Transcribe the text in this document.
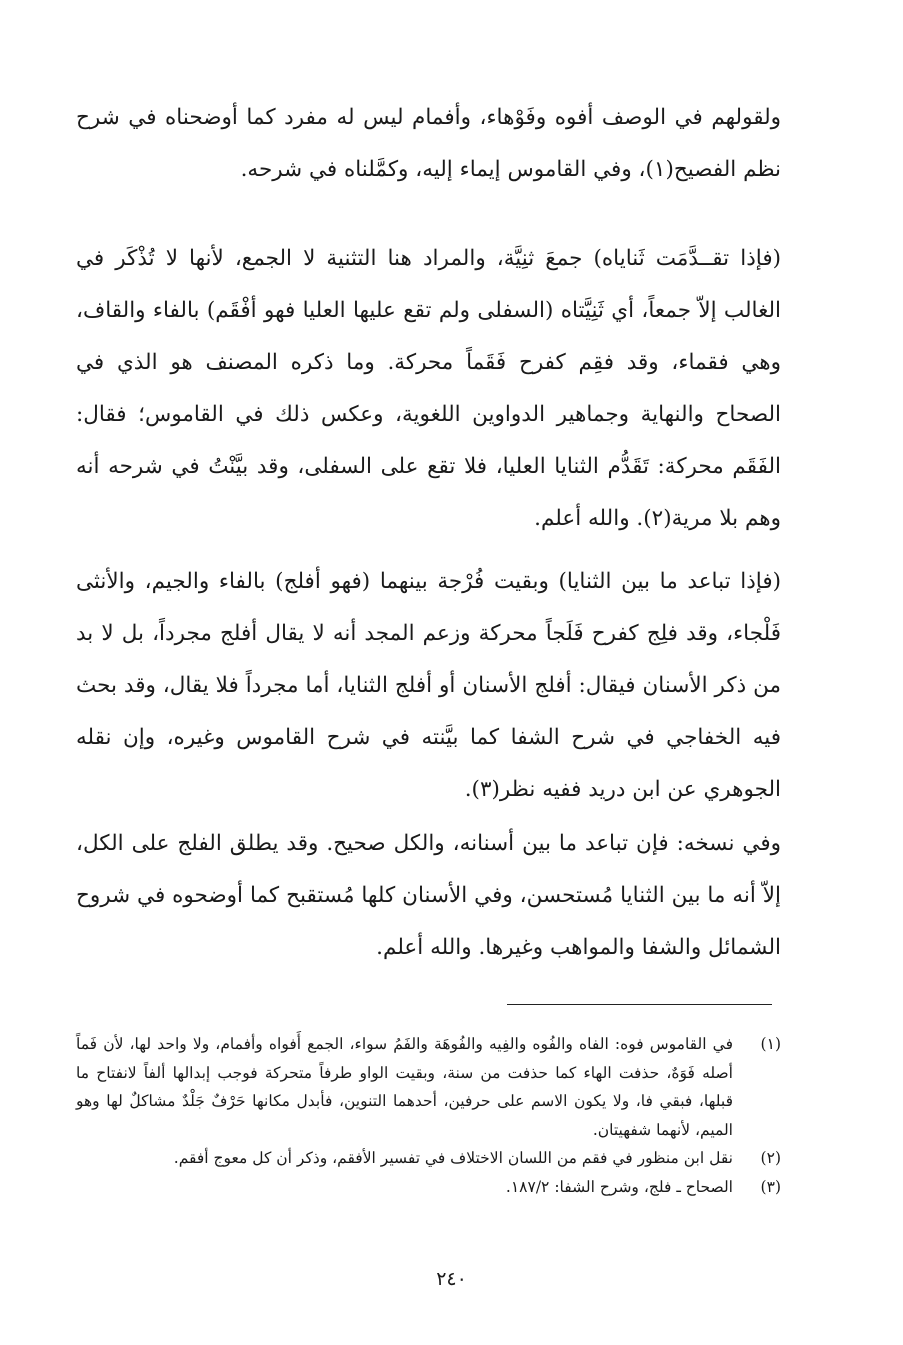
ولقولهم في الوصف أفوه وفَوْهاء، وأفمام ليس له مفرد كما أوضحناه في شرح نظم الفصيح(١)، وفي القاموس إيماء إليه، وكمَّلناه في شرحه.

(فإذا تقــدَّمَت ثَناياه) جمعَ ثنِيَّة، والمراد هنا التثنية لا الجمع، لأنها لا تُذْكَر في الغالب إلاّ جمعاً، أي ثَنِيَّتاه (السفلى ولم تقع عليها العليا فهو أفْقَم) بالفاء والقاف، وهي فقماء، وقد فقِم كفرح فَقَماً محركة. وما ذكره المصنف هو الذي في الصحاح والنهاية وجماهير الدواوين اللغوية، وعكس ذلك في القاموس؛ فقال: الفَقَم محركة: تَقَدُّم الثنايا العليا، فلا تقع على السفلى، وقد بيَّنْتُ في شرحه أنه وهم بلا مرية(٢). والله أعلم.

(فإذا تباعد ما بين الثنايا) وبقيت فُرْجة بينهما (فهو أفلج) بالفاء والجيم، والأنثى فَلْجاء، وقد فلِج كفرح فَلَجاً محركة وزعم المجد أنه لا يقال أفلج مجرداً، بل لا بد من ذكر الأسنان فيقال: أفلج الأسنان أو أفلج الثنايا، أما مجرداً فلا يقال، وقد بحث فيه الخفاجي في شرح الشفا كما بيَّنته في شرح القاموس وغيره، وإن نقله الجوهري عن ابن دريد ففيه نظر(٣).

وفي نسخه: فإن تباعد ما بين أسنانه، والكل صحيح. وقد يطلق الفلج على الكل، إلاّ أنه ما بين الثنايا مُستحسن، وفي الأسنان كلها مُستقبح كما أوضحوه في شروح الشمائل والشفا والمواهب وغيرها. والله أعلم.

(١)
في القاموس فوه: الفاه والفُوه والفِيه والفُوهَة والفَمُ سواء، الجمع أَفواه وأفمام، ولا واحد لها، لأن فَماً أصله فَوَهٌ، حذفت الهاء كما حذفت من سنة، وبقيت الواو طرفاً متحركة فوجب إبدالها ألفاً لانفتاح ما قبلها، فبقي فا، ولا يكون الاسم على حرفين، أحدهما التنوين، فأبدل مكانها حَرْفٌ جَلْدٌ مشاكلٌ لها وهو الميم، لأنهما شفهيتان.
(٢)
نقل ابن منظور في فقم من اللسان الاختلاف في تفسير الأفقم، وذكر أن كل معوج أفقم.
(٣)
الصحاح ـ فلج، وشرح الشفا: ١٨٧/٢.
٢٤٠
